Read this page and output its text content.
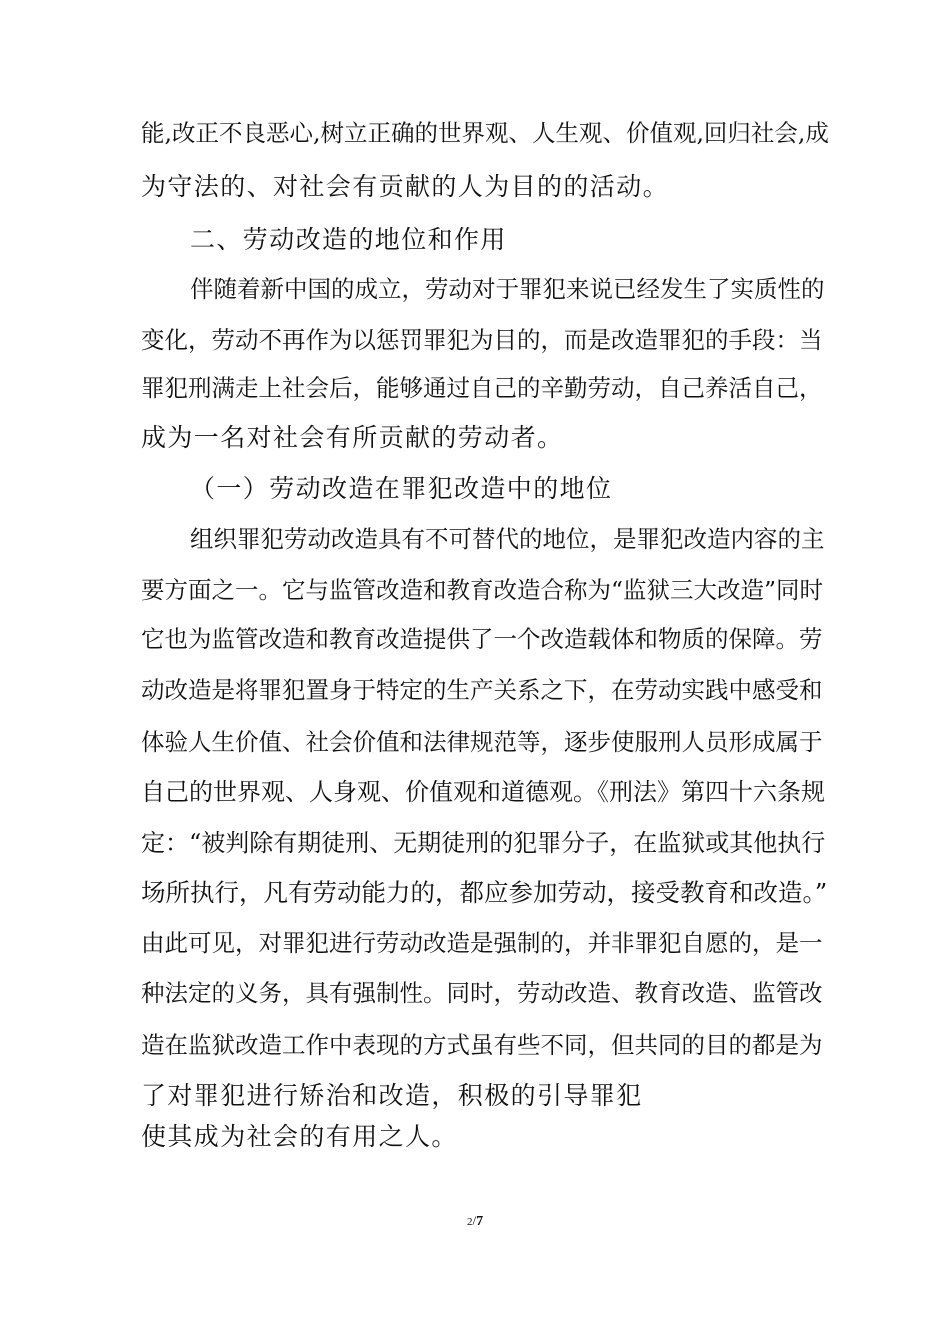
能,改正不良恶心,树立正确的世界观、人生观、价值观,回归社会,成
为守法的、对社会有贡献的人为目的的活动。
二、劳动改造的地位和作用
伴随着新中国的成立，劳动对于罪犯来说已经发生了实质性的
变化，劳动不再作为以惩罚罪犯为目的，而是改造罪犯的手段：当
罪犯刑满走上社会后，能够通过自己的辛勤劳动，自己养活自己，
成为一名对社会有所贡献的劳动者。
（一）劳动改造在罪犯改造中的地位
组织罪犯劳动改造具有不可替代的地位，是罪犯改造内容的主
要方面之一。它与监管改造和教育改造合称为“监狱三大改造”同时
它也为监管改造和教育改造提供了一个改造载体和物质的保障。劳
动改造是将罪犯置身于特定的生产关系之下，在劳动实践中感受和
体验人生价值、社会价值和法律规范等，逐步使服刑人员形成属于
自己的世界观、人身观、价值观和道德观。《刑法》第四十六条规
定：“被判除有期徒刑、无期徒刑的犯罪分子，在监狱或其他执行
场所执行，凡有劳动能力的，都应参加劳动，接受教育和改造。”
由此可见，对罪犯进行劳动改造是强制的，并非罪犯自愿的，是一
种法定的义务，具有强制性。同时，劳动改造、教育改造、监管改
造在监狱改造工作中表现的方式虽有些不同，但共同的目的都是为
了对罪犯进行矫治和改造，积极的引导罪犯
使其成为社会的有用之人。
2/7
